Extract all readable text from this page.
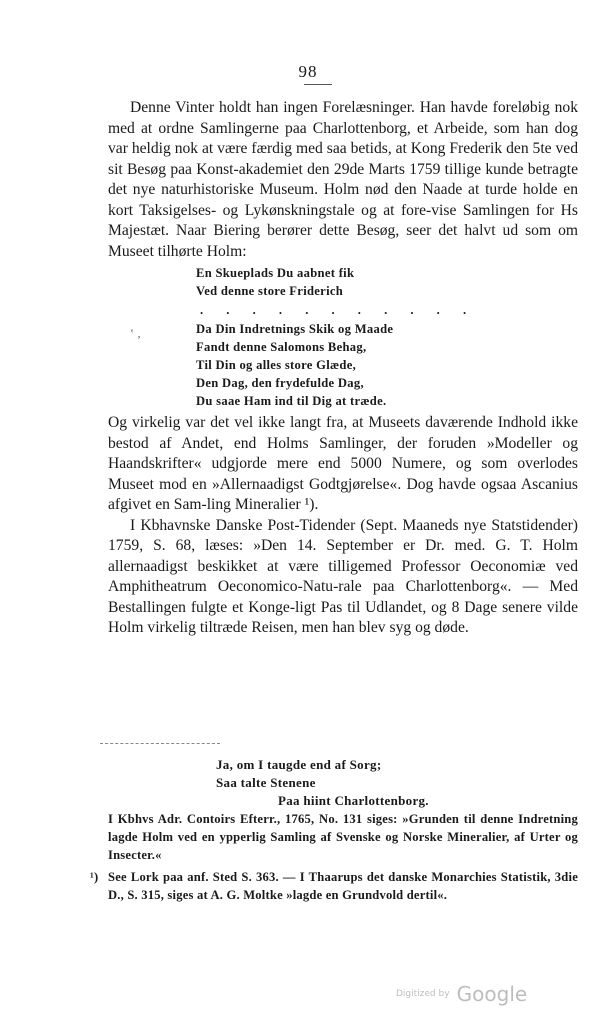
98
‛ ‚

Denne Vinter holdt han ingen Forelæsninger. Han havde foreløbig nok med at ordne Samlingerne paa Charlottenborg, et Arbeide, som han dog var heldig nok at være færdig med saa betids, at Kong Frederik den 5te ved sit Besøg paa Konst-akademiet den 29de Marts 1759 tillige kunde betragte det nye naturhistoriske Museum. Holm nød den Naade at turde holde en kort Taksigelses- og Lykønskningstale og at fore-vise Samlingen for Hs Majestæt. Naar Biering berører dette Besøg, seer det halvt ud som om Museet tilhørte Holm:

En Skueplads Du aabnet fik
Ved denne store Friderich
. . . . . . . . . . .
Da Din Indretnings Skik og Maade
Fandt denne Salomons Behag,
Til Din og alles store Glæde,
Den Dag, den frydefulde Dag,
Du saae Ham ind til Dig at træde.

Og virkelig var det vel ikke langt fra, at Museets daværende Indhold ikke bestod af Andet, end Holms Samlinger, der foruden »Modeller og Haandskrifter« udgjorde mere end 5000 Numere, og som overlodes Museet mod en »Allernaadigst Godtgjørelse«. Dog havde ogsaa Ascanius afgivet en Sam-ling Mineralier ¹).

I Kbhavnske Danske Post-Tidender (Sept. Maaneds nye Statstidender) 1759, S. 68, læses: »Den 14. September er Dr. med. G. T. Holm allernaadigst beskikket at være tilligemed Professor Oeconomiæ ved Amphitheatrum Oeconomico-Natu-rale paa Charlottenborg«. — Med Bestallingen fulgte et Konge-ligt Pas til Udlandet, og 8 Dage senere vilde Holm virkelig tiltræde Reisen, men han blev syg og døde.

Ja, om I taugde end af Sorg;
Saa talte Stenene
Paa hiint Charlottenborg.

I Kbhvs Adr. Contoirs Efterr., 1765, No. 131 siges: »Grunden til denne Indretning lagde Holm ved en ypperlig Samling af Svenske og Norske Mineralier, af Urter og Insecter.«

¹) See Lork paa anf. Sted S. 363. — I Thaarups det danske Monarchies Statistik, 3die D., S. 315, siges at A. G. Moltke »lagde en Grundvold dertil«.

Digitized by Google
